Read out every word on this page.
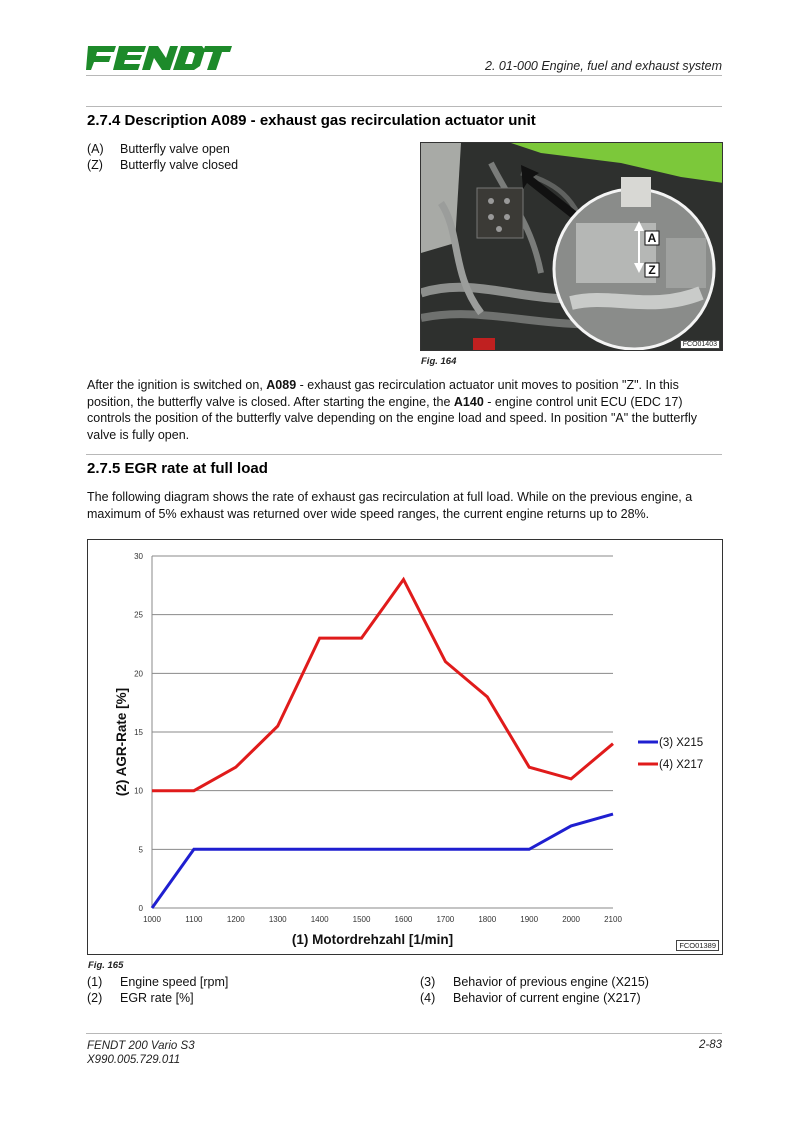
2. 01-000 Engine, fuel and exhaust system
2.7.4 Description A089 - exhaust gas recirculation actuator unit
(A)	Butterfly valve open
(Z)	Butterfly valve closed
A
Z
FCO01403
Fig. 164
After the ignition is switched on, A089 - exhaust gas recirculation actuator unit moves to position "Z". In this position, the butterfly valve is closed. After starting the engine, the A140 - engine control unit ECU (EDC 17) controls the position of the butterfly valve depending on the engine load and speed. In position "A" the butterfly valve is fully open.
2.7.5 EGR rate at full load
The following diagram shows the rate of exhaust gas recirculation at full load. While on the previous engine, a maximum of 5% exhaust was returned over wide speed ranges, the current engine returns up to 28%.
0
5
10
15
20
25
30
1000	1100	1200	1300	1400	1500	1600	1700	1800	1900	2000	2100
(1) Motordrehzahl [1/min]
(2) AGR-Rate [%]	(3) X215
(4) X217
FCO01389
Fig. 165
(1)	Engine speed [rpm]
(2)	EGR rate [%]
(3)	Behavior of previous engine (X215)
(4)	Behavior of current engine (X217)
FENDT 200 Vario S3
X990.005.729.011
2-83
